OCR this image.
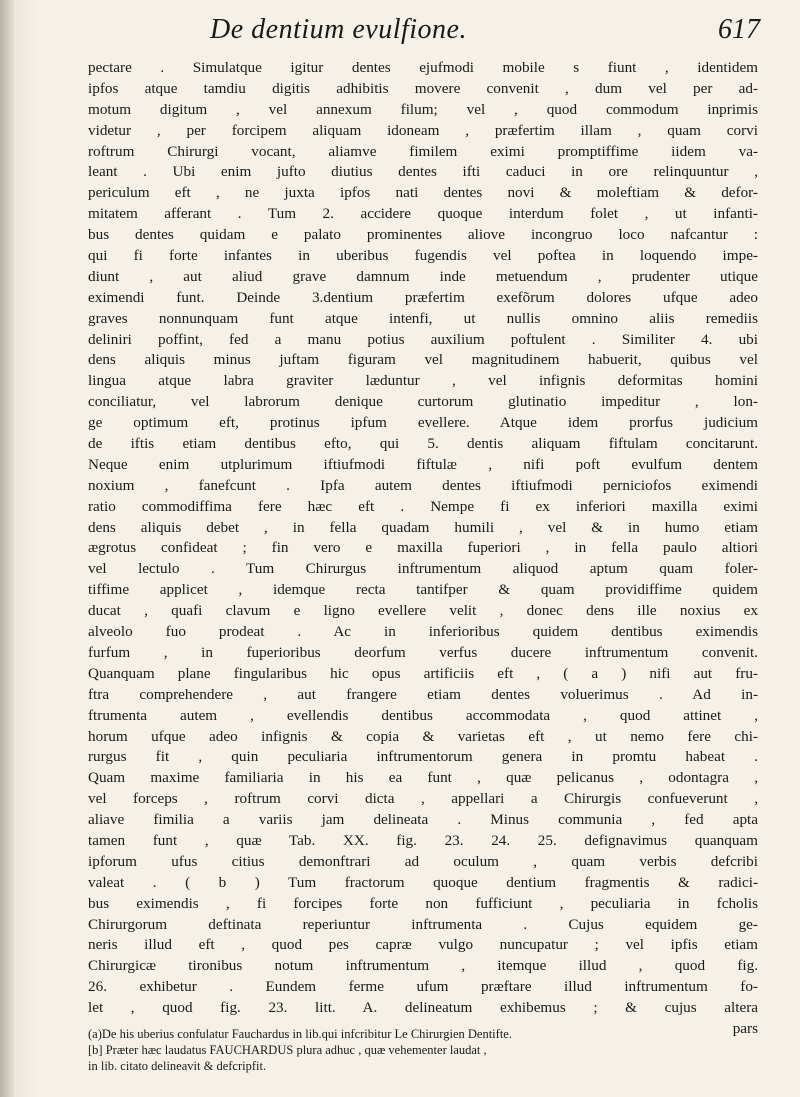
De dentium evulfione.	617
pectare . Simulatque igitur dentes ejufmodi mobile s fiunt , identidem
ipfos atque tamdiu digitis adhibitis movere convenit , dum vel per ad-
motum digitum , vel annexum filum; vel , quod commodum inprimis
videtur , per forcipem aliquam idoneam , præfertim illam , quam corvi
roftrum Chirurgi vocant, aliamve fimilem eximi promptiffime iidem va-
leant . Ubi enim jufto diutius dentes ifti caduci in ore relinquuntur ,
periculum eft , ne juxta ipfos nati dentes novi & moleftiam & defor-
mitatem afferant . Tum 2. accidere quoque interdum folet , ut infanti-
bus dentes quidam e palato prominentes aliove incongruo loco nafcantur :
qui fi forte infantes in uberibus fugendis vel poftea in loquendo impe-
diunt , aut aliud grave damnum inde metuendum , prudenter utique
eximendi funt. Deinde 3.dentium præfertim exefõrum dolores ufque adeo
graves nonnunquam funt atque intenfi, ut nullis omnino aliis remediis
deliniri poffint, fed a manu potius auxilium poftulent . Similiter 4. ubi
dens aliquis minus juftam figuram vel magnitudinem habuerit, quibus vel
lingua atque labra graviter læduntur , vel infignis deformitas homini
conciliatur, vel labrorum denique curtorum glutinatio impeditur , lon-
ge optimum eft, protinus ipfum evellere. Atque idem prorfus judicium
de iftis etiam dentibus efto, qui 5. dentis aliquam fiftulam concitarunt.
Neque enim utplurimum iftiufmodi fiftulæ , nifi poft evulfum dentem
noxium , fanefcunt . Ipfa autem dentes iftiufmodi perniciofos eximendi
ratio commodiffima fere hæc eft . Nempe fi ex inferiori maxilla eximi
dens aliquis debet , in fella quadam humili , vel & in humo etiam
ægrotus confideat ; fin vero e maxilla fuperiori , in fella paulo altiori
vel lectulo . Tum Chirurgus inftrumentum aliquod aptum quam foler-
tiffime applicet , idemque recta tantifper & quam providiffime quidem
ducat , quafi clavum e ligno evellere velit , donec dens ille noxius ex
alveolo fuo prodeat . Ac in inferioribus quidem dentibus eximendis
furfum , in fuperioribus deorfum verfus ducere inftrumentum convenit.
Quanquam plane fingularibus hic opus artificiis eft , ( a ) nifi aut fru-
ftra comprehendere , aut frangere etiam dentes voluerimus . Ad in-
ftrumenta autem , evellendis dentibus accommodata , quod attinet ,
horum ufque adeo infignis & copia & varietas eft , ut nemo fere chi-
rurgus fit , quin peculiaria inftrumentorum genera in promtu habeat .
Quam maxime familiaria in his ea funt , quæ pelicanus , odontagra ,
vel forceps , roftrum corvi dicta , appellari a Chirurgis confueverunt ,
aliave fimilia a variis jam delineata . Minus communia , fed apta
tamen funt , quæ Tab. XX. fig. 23. 24. 25. defignavimus quanquam
ipforum ufus citius demonftrari ad oculum , quam verbis defcribi
valeat . ( b ) Tum fractorum quoque dentium fragmentis & radici-
bus eximendis , fi forcipes forte non fufficiunt , peculiaria in fcholis
Chirurgorum deftinata reperiuntur inftrumenta . Cujus equidem ge-
neris illud eft , quod pes capræ vulgo nuncupatur ; vel ipfis etiam
Chirurgicæ tironibus notum inftrumentum , itemque illud , quod fig.
26. exhibetur . Eundem ferme ufum præftare illud inftrumentum fo-
let , quod fig. 23. litt. A. delineatum exhibemus ; & cujus altera
pars
(a)De his uberius confulatur Fauchardus in lib.qui infcribitur Le Chirurgien Dentifte.
[b] Præter hæc laudatus FAUCHARDUS plura adhuc , quæ vehementer laudat ,
in lib. citato delineavit & defcripfit.
